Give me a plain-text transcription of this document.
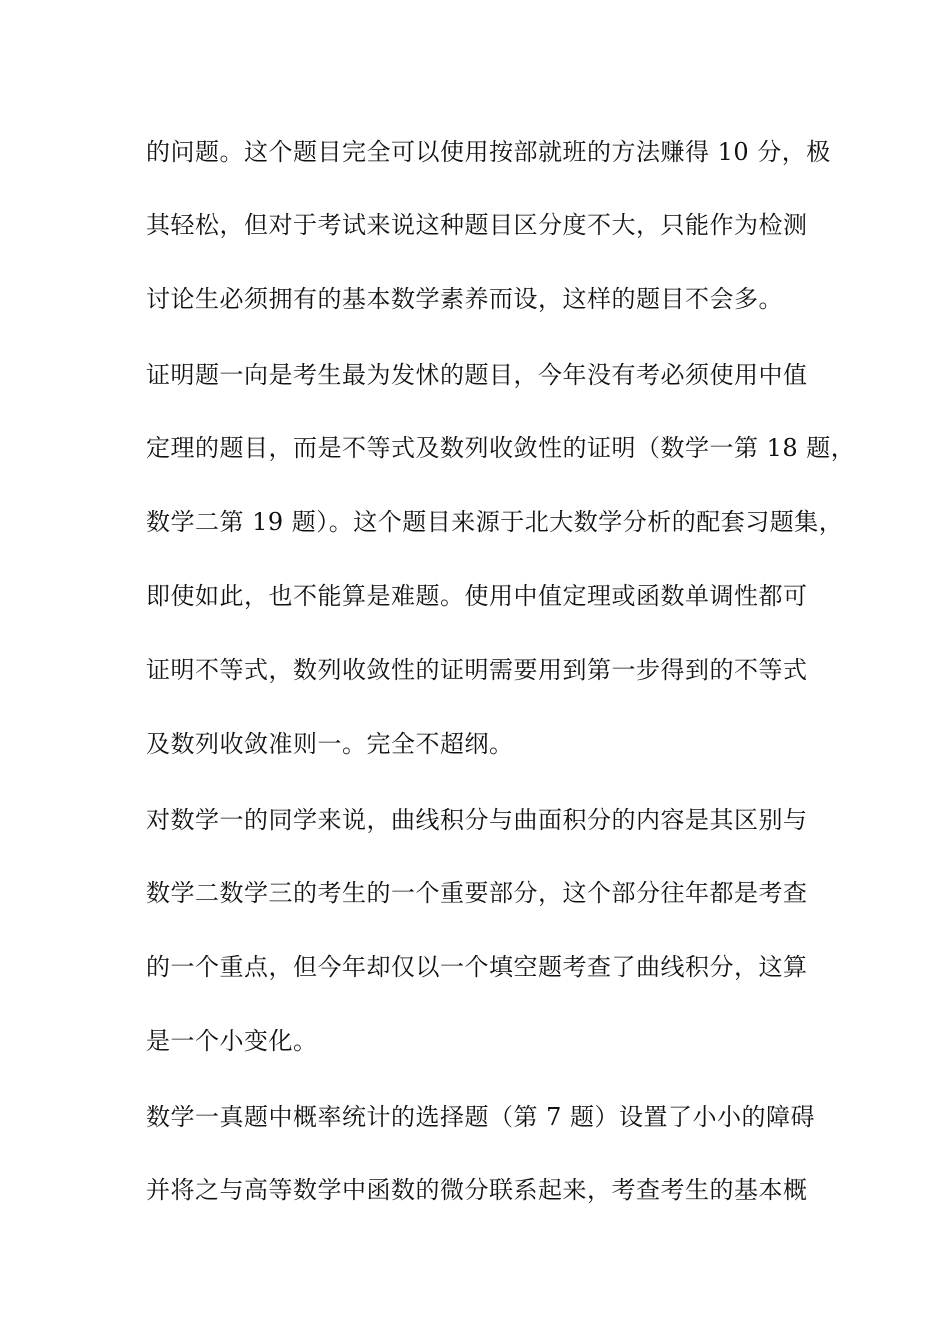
的问题。这个题目完全可以使用按部就班的方法赚得 10 分，极
其轻松，但对于考试来说这种题目区分度不大，只能作为检测
讨论生必须拥有的基本数学素养而设，这样的题目不会多。
证明题一向是考生最为发怵的题目，今年没有考必须使用中值
定理的题目，而是不等式及数列收敛性的证明（数学一第 18 题，
数学二第 19 题）。这个题目来源于北大数学分析的配套习题集，
即使如此，也不能算是难题。使用中值定理或函数单调性都可
证明不等式，数列收敛性的证明需要用到第一步得到的不等式
及数列收敛准则一。完全不超纲。
对数学一的同学来说，曲线积分与曲面积分的内容是其区别与
数学二数学三的考生的一个重要部分，这个部分往年都是考查
的一个重点，但今年却仅以一个填空题考查了曲线积分，这算
是一个小变化。
数学一真题中概率统计的选择题（第 7 题）设置了小小的障碍
并将之与高等数学中函数的微分联系起来，考查考生的基本概
